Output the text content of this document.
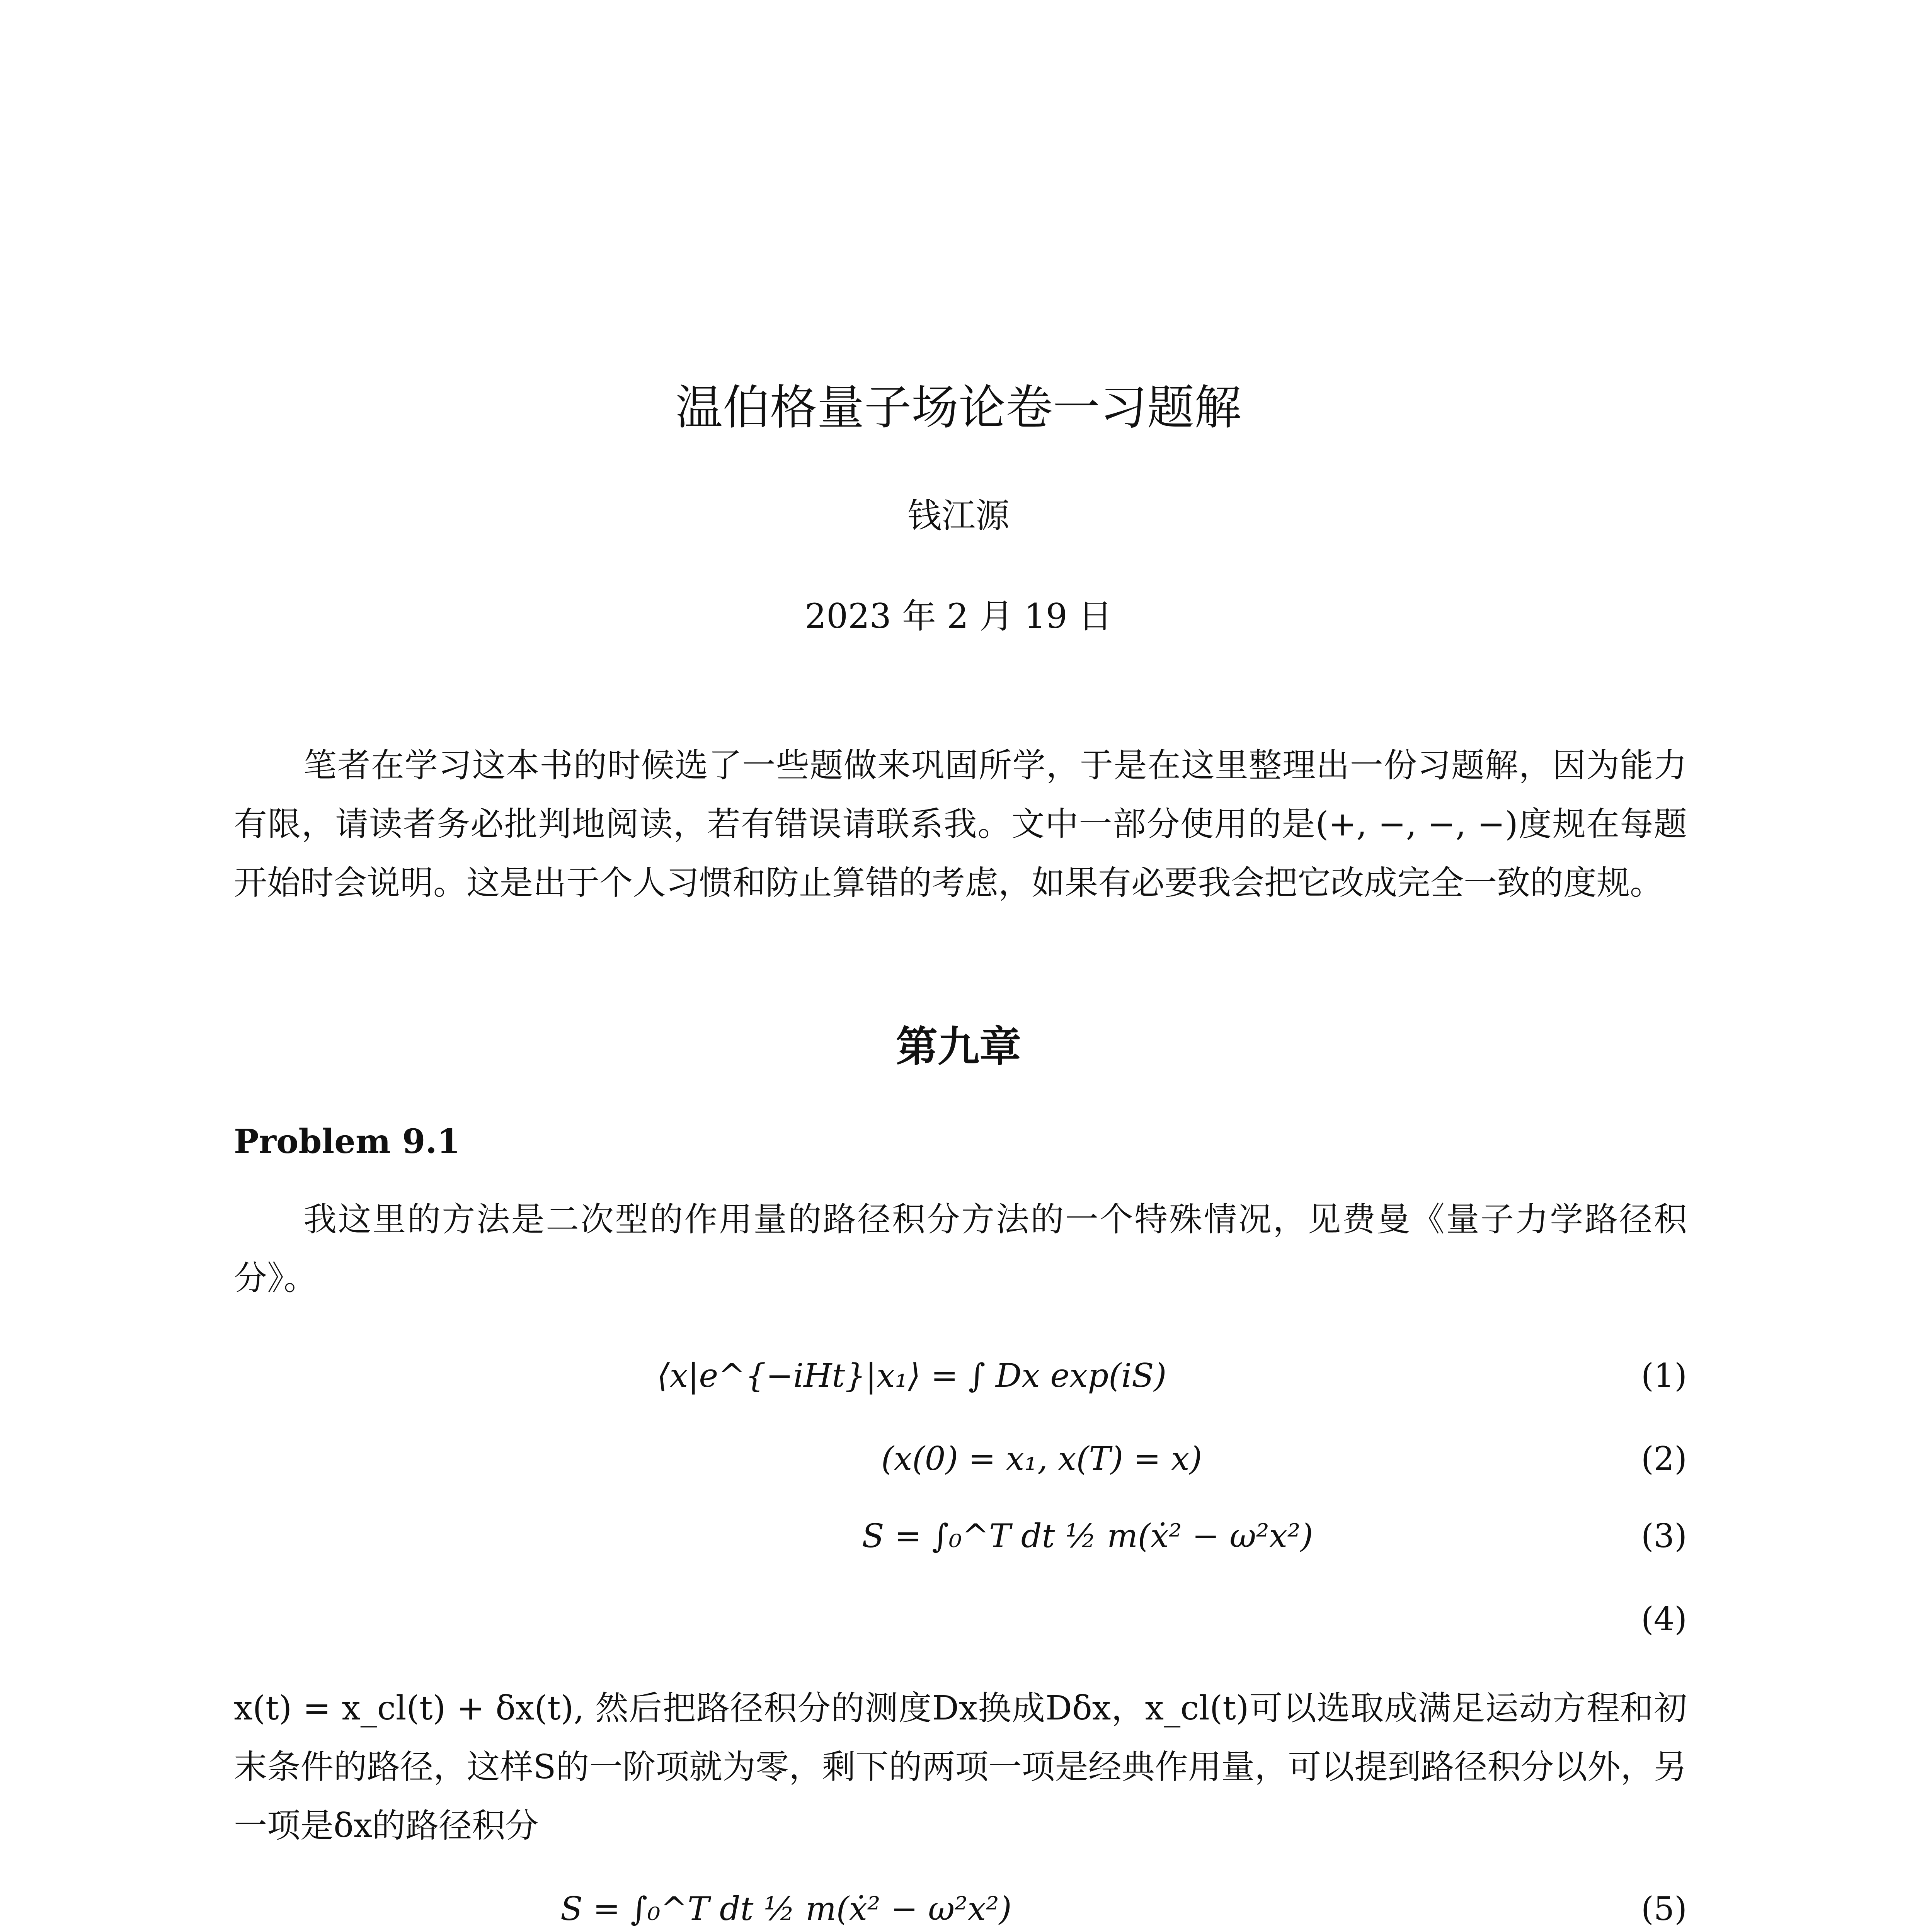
温伯格量子场论卷一习题解
钱江源
2023 年 2 月 19 日

笔者在学习这本书的时候选了一些题做来巩固所学，于是在这里整理出一份习题解，因为能力有限，请读者务必批判地阅读，若有错误请联系我。文中一部分使用的是(+, −, −, −)度规在每题开始时会说明。这是出于个人习惯和防止算错的考虑，如果有必要我会把它改成完全一致的度规。

第九章
Problem 9.1

我这里的方法是二次型的作用量的路径积分方法的一个特殊情况，见费曼《量子力学路径积分》。

⟨x|e^{−iHt}|x₁⟩ = ∫ Dx exp(iS)	(1)
(x(0) = x₁, x(T) = x)	(2)
S = ∫₀^T dt ½ m(ẋ² − ω²x²)	(3)
(4)

x(t) = x_cl(t) + δx(t), 然后把路径积分的测度Dx换成Dδx，x_cl(t)可以选取成满足运动方程和初末条件的路径，这样S的一阶项就为零，剩下的两项一项是经典作用量，可以提到路径积分以外，另一项是δx的路径积分

S = ∫₀^T dt ½ m(ẋ² − ω²x²)	(5)
